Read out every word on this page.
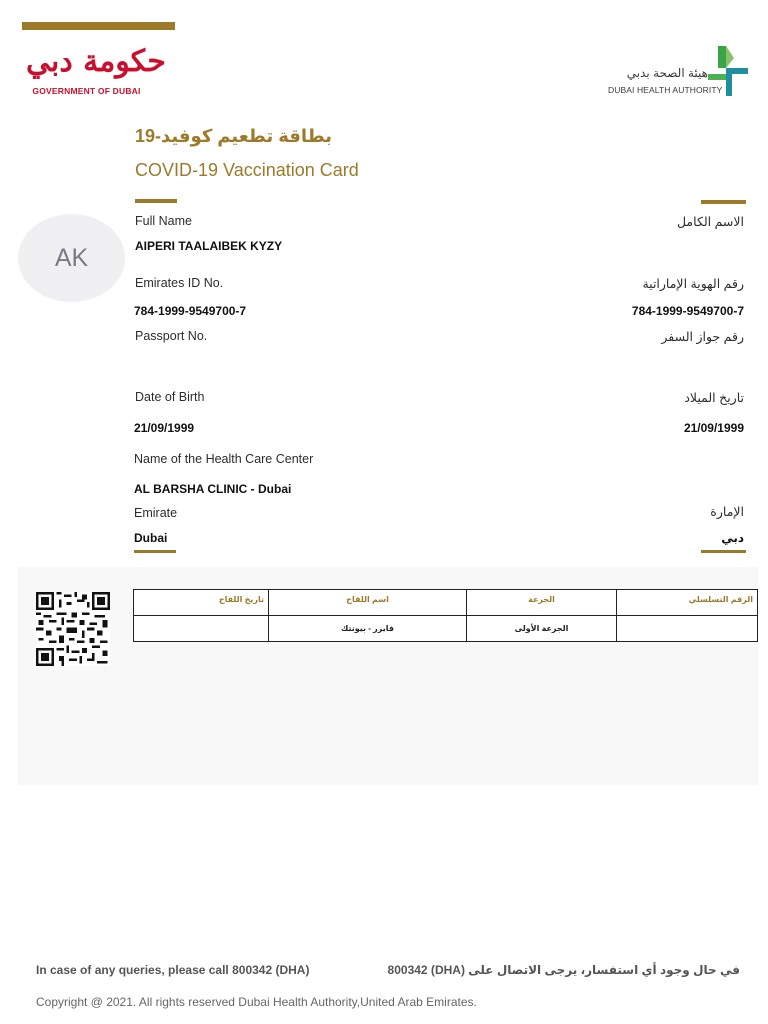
حكومة دبي
GOVERNMENT OF DUBAI
هيئة الصحة بدبي
DUBAI HEALTH AUTHORITY
بطاقة تطعيم كوفيد-19
COVID-19 Vaccination Card
AK
Full Name	الاسم الكامل
AIPERI TAALAIBEK KYZY
Emirates ID No.	رقم الهوية الإماراتية
784-1999-9549700-7	784-1999-9549700-7
Passport No.	رقم جواز السفر
Date of Birth	تاريخ الميلاد
21/09/1999	21/09/1999
Name of the Health Care Center
AL BARSHA CLINIC - Dubai
Emirate	الإمارة
Dubai	دبي
تاريخ اللقاح	اسم اللقاح	الجرعة	الرقم التسلسلي
	فايزر - بيونتك	الجرعة الأولى	
In case of any queries, please call 800342 (DHA)	في حال وجود أي استفسار، يرجى الاتصال على (DHA) 800342
Copyright @ 2021. All rights reserved Dubai Health Authority,United Arab Emirates.
